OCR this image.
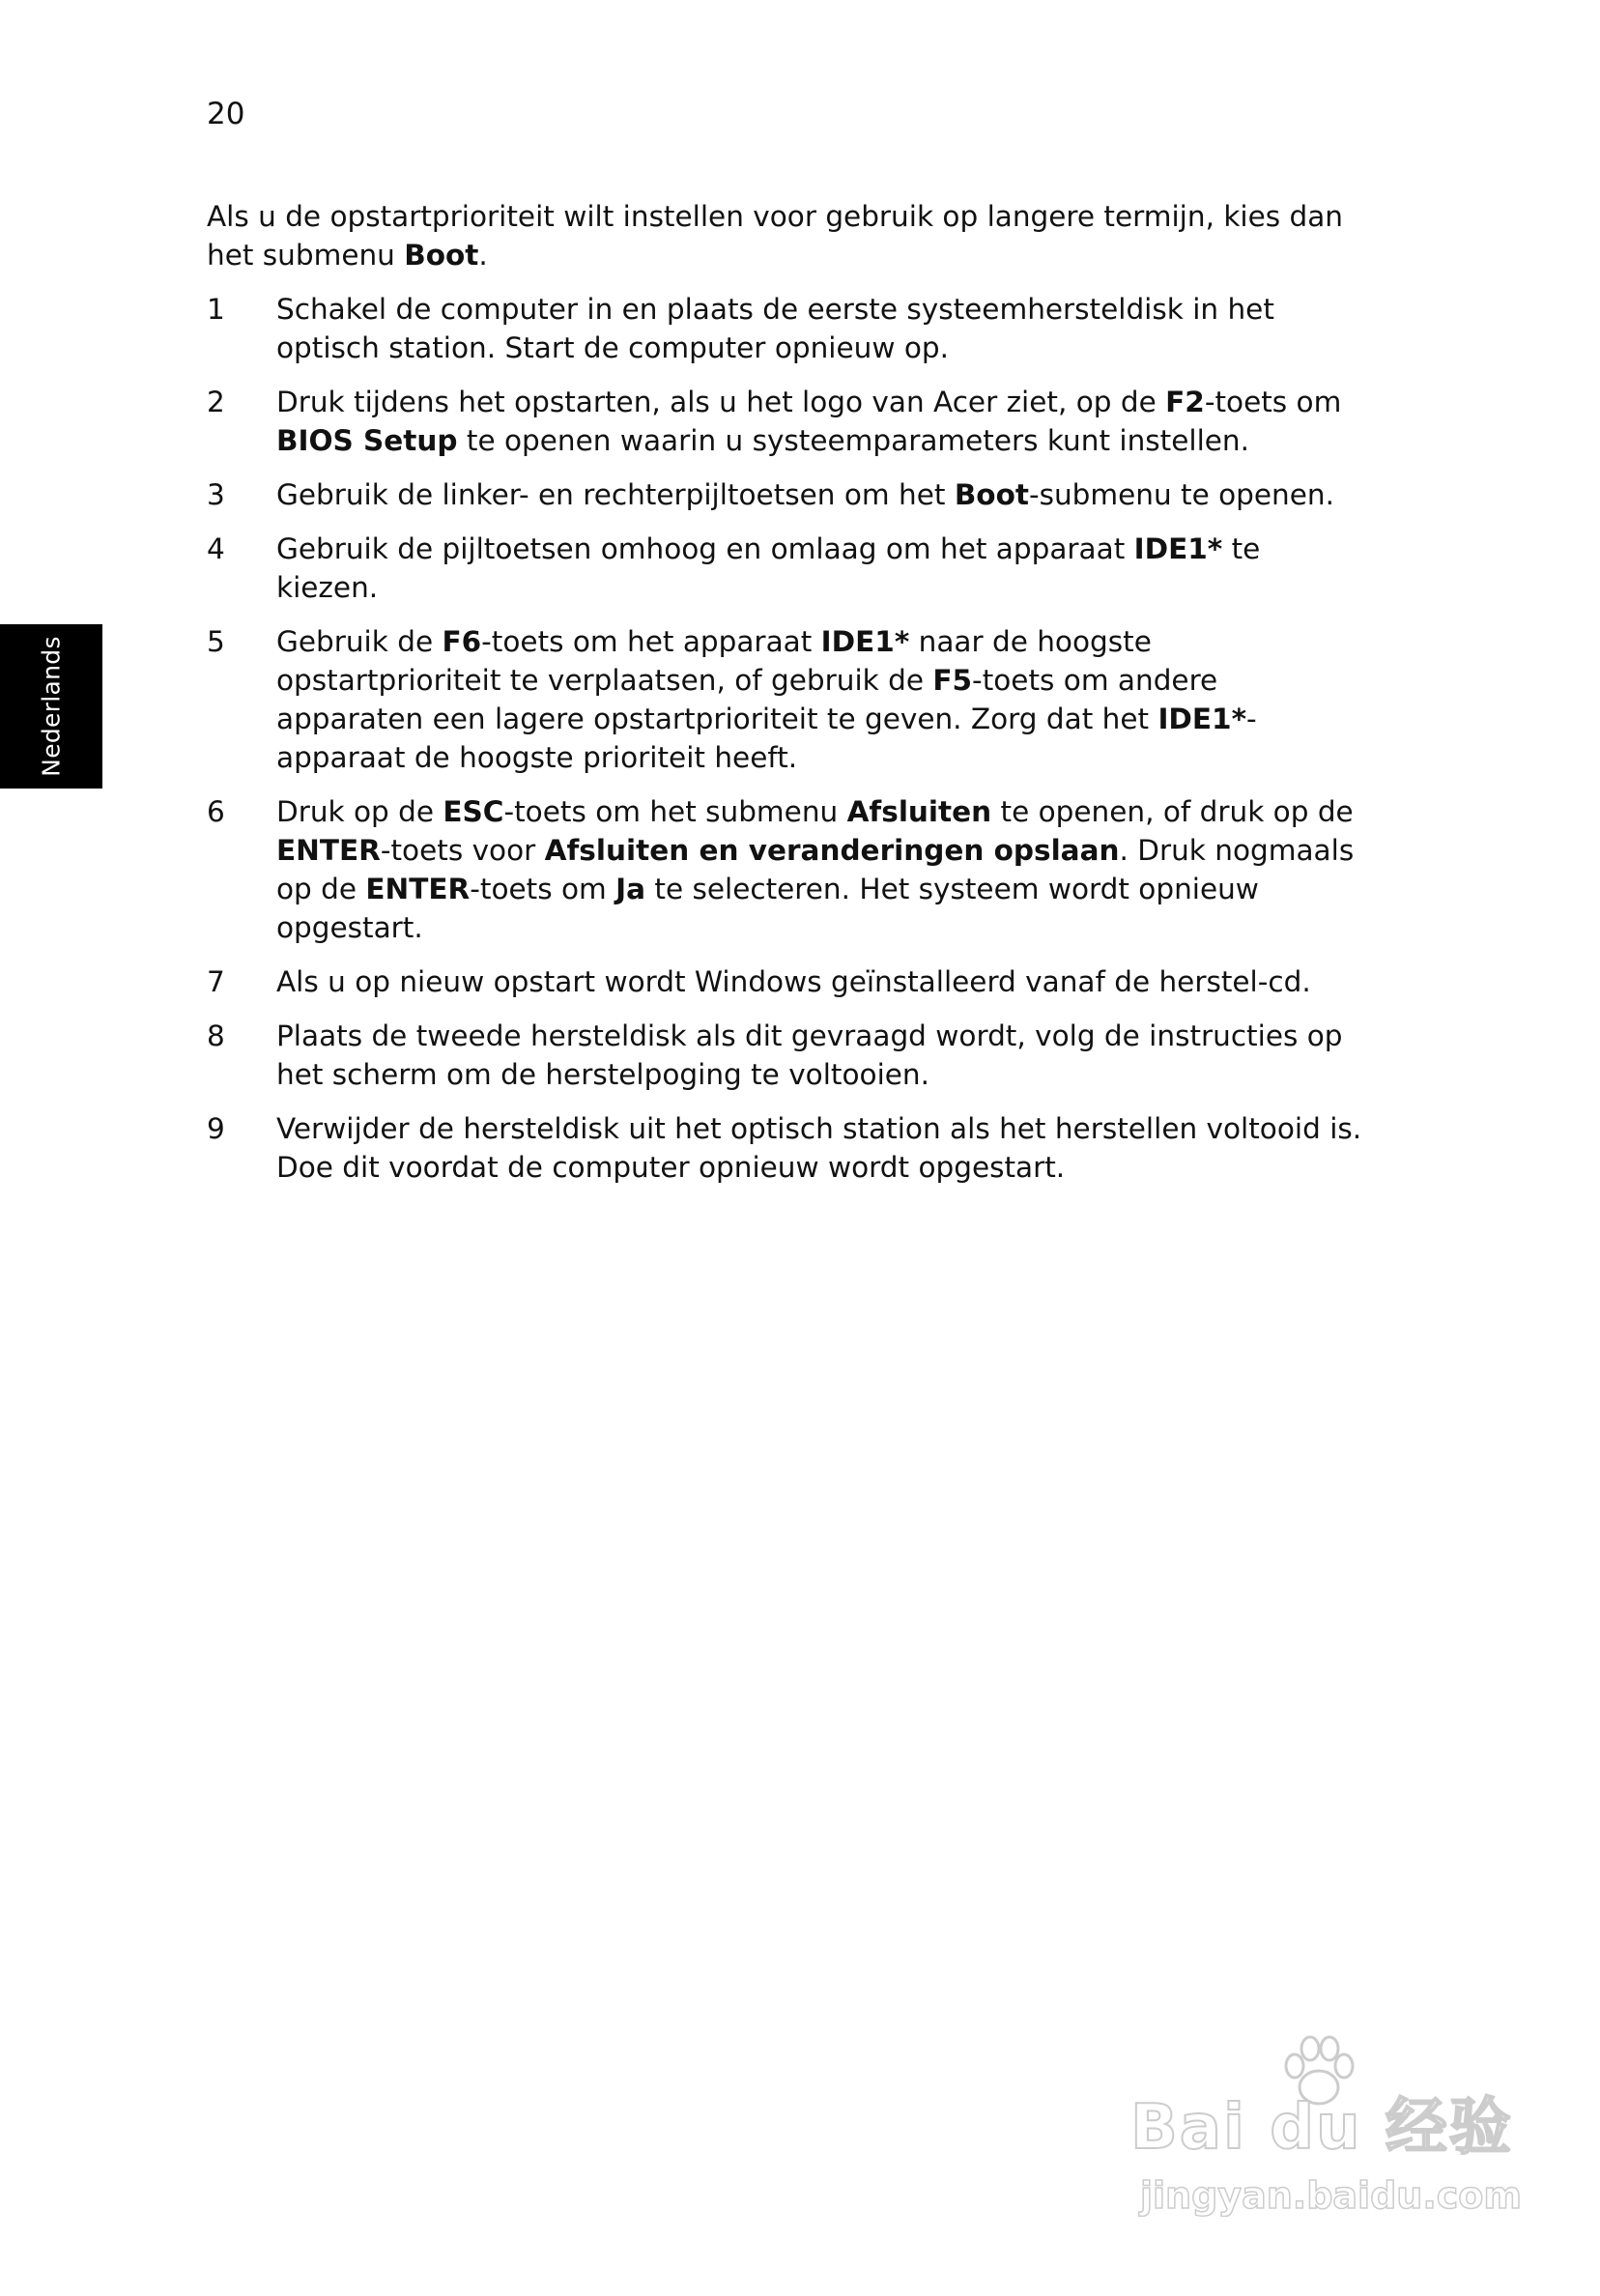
20
Nederlands

Als u de opstartprioriteit wilt instellen voor gebruik op langere termijn, kies dan het submenu Boot.

1 Schakel de computer in en plaats de eerste systeemhersteldisk in het optisch station. Start de computer opnieuw op.
2 Druk tijdens het opstarten, als u het logo van Acer ziet, op de F2-toets om BIOS Setup te openen waarin u systeemparameters kunt instellen.
3 Gebruik de linker- en rechterpijltoetsen om het Boot-submenu te openen.
4 Gebruik de pijltoetsen omhoog en omlaag om het apparaat IDE1* te kiezen.
5 Gebruik de F6-toets om het apparaat IDE1* naar de hoogste opstartprioriteit te verplaatsen, of gebruik de F5-toets om andere apparaten een lagere opstartprioriteit te geven. Zorg dat het IDE1*-apparaat de hoogste prioriteit heeft.
6 Druk op de ESC-toets om het submenu Afsluiten te openen, of druk op de ENTER-toets voor Afsluiten en veranderingen opslaan. Druk nogmaals op de ENTER-toets om Ja te selecteren. Het systeem wordt opnieuw opgestart.
7 Als u op nieuw opstart wordt Windows geïnstalleerd vanaf de herstel-cd.
8 Plaats de tweede hersteldisk als dit gevraagd wordt, volg de instructies op het scherm om de herstelpoging te voltooien.
9 Verwijder de hersteldisk uit het optisch station als het herstellen voltooid is. Doe dit voordat de computer opnieuw wordt opgestart.
Bai du 经验
jingyan.baidu.com
